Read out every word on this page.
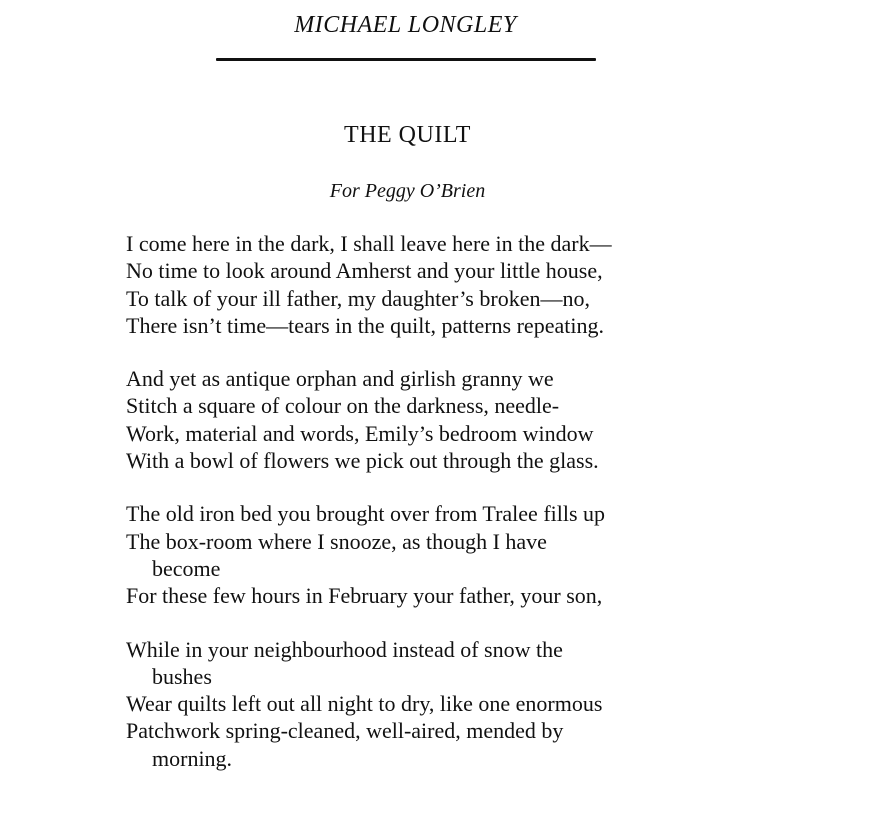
MICHAEL LONGLEY
THE QUILT
For Peggy O’Brien
I come here in the dark, I shall leave here in the dark—
No time to look around Amherst and your little house,
To talk of your ill father, my daughter’s broken—no,
There isn’t time—tears in the quilt, patterns repeating.
And yet as antique orphan and girlish granny we
Stitch a square of colour on the darkness, needle-
Work, material and words, Emily’s bedroom window
With a bowl of flowers we pick out through the glass.
The old iron bed you brought over from Tralee fills up
The box-room where I snooze, as though I have
become
For these few hours in February your father, your son,
While in your neighbourhood instead of snow the
bushes
Wear quilts left out all night to dry, like one enormous
Patchwork spring-cleaned, well-aired, mended by
morning.
